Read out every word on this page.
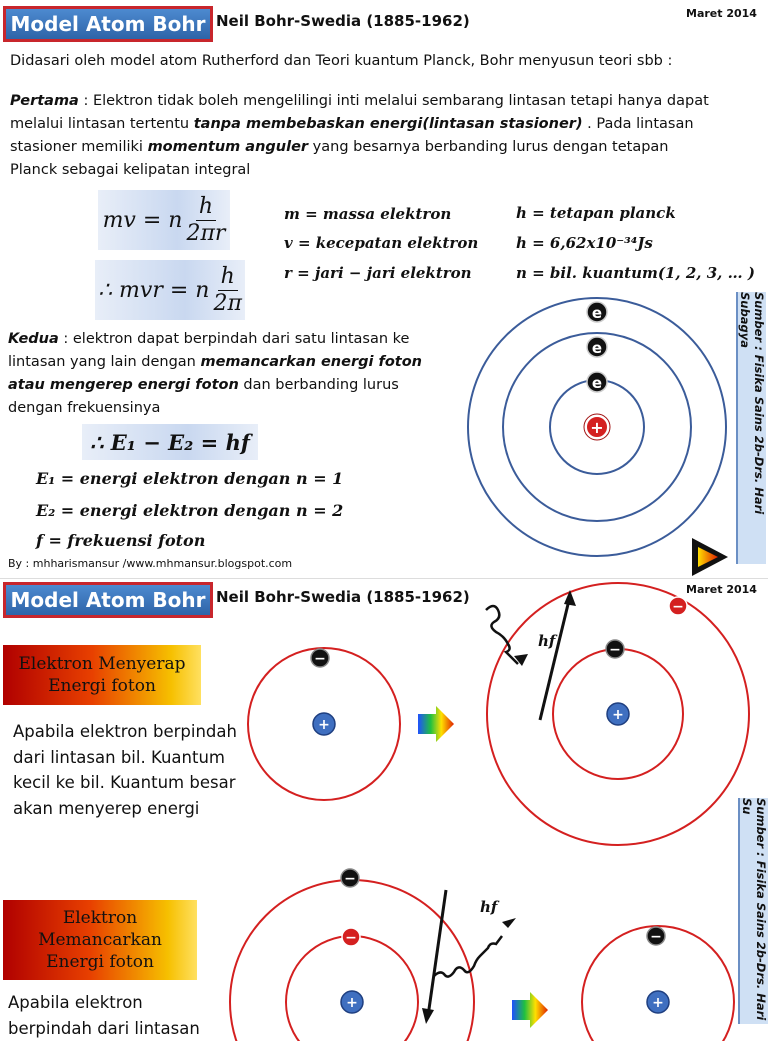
Model Atom Bohr Neil Bohr-Swedia (1885-1962)	Maret 2014
Didasari oleh model atom Rutherford dan Teori kuantum Planck, Bohr menyusun teori sbb :
Pertama : Elektron tidak boleh mengelilingi inti melalui sembarang lintasan tetapi hanya dapat melalui lintasan tertentu tanpa membebaskan energi(lintasan stasioner) . Pada lintasan stasioner memiliki momentum anguler yang besarnya berbanding lurus dengan tetapan Planck sebagai kelipatan integral
mv = n $\frac{h}{2\pi r}$
∴ mvr = n $\frac{h}{2\pi}$
m = massa elektron
v = kecepatan elektron
r = jari − jari elektron
h = tetapan planck
h = 6,62x10⁻³⁴Js
n = bil. kuantum(1, 2, 3, … )
Kedua : elektron dapat berpindah dari satu lintasan ke lintasan yang lain dengan memancarkan energi foton atau mengerep energi foton dan berbanding lurus dengan frekuensinya
∴ E₁ − E₂ = hf
E₁ = energi elektron dengan n = 1
E₂ = energi elektron dengan n = 2
f = frekuensi foton
By : mhharismansur /www.mhmansur.blogspot.com
+
e
e
e	Sumber : Fisika Sains 2b-Drs. Hari Subagya
Model Atom Bohr Neil Bohr-Swedia (1885-1962)	Maret 2014
Elektron Menyerap
Energi foton
Apabila elektron berpindah dari lintasan bil. Kuantum kecil ke bil. Kuantum besar akan menyerep energi
+
−
+
−
−
hf
Sumber : Fisika Sains 2b-Drs. Hari Su
Elektron
Memancarkan
Energi foton
Apabila elektron berpindah dari lintasan
+
−
−
hf
+
−
